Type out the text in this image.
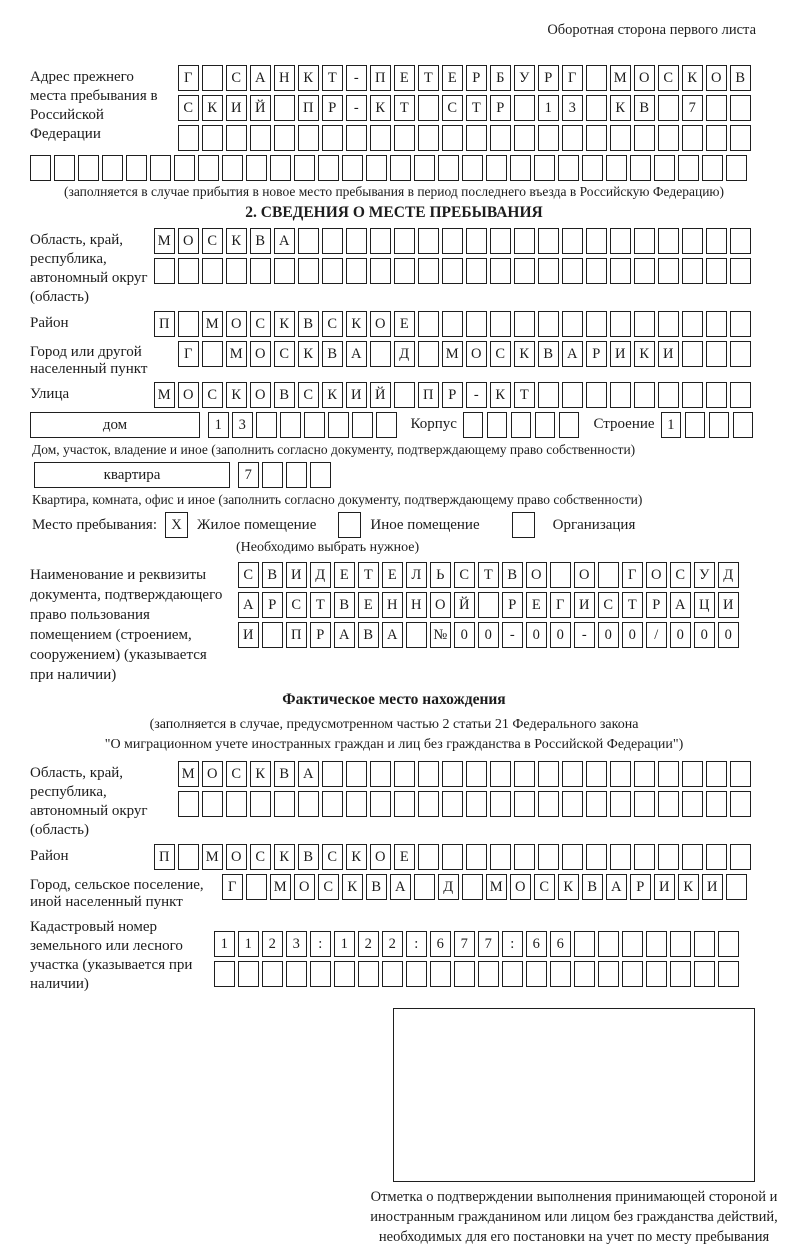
Оборотная сторона первого листа
Адрес прежнего места пребывания в Российской Федерации
Г	С А Н К	Т	-	П Е	Т	Е	Р	Б	У	Р	Г	М О С К О В
С К И Й	П	Р	-	К	Т	С	Т	Р	1	3	К В	7
(заполняется в случае прибытия в новое место пребывания в период последнего въезда в Российскую Федерацию)
2. СВЕДЕНИЯ О МЕСТЕ ПРЕБЫВАНИЯ
Область, край, республика, автономный округ (область)
М О С К В А
Район	П	М О С К В С К О Е
Город или другой населенный пункт
Г	М О С К В А	Д	М О С К В А	Р	И К И
Улица	М О С К О В С К И Й	П	Р	-	К	Т
дом	1	3	Корпус	Строение 1
Дом, участок, владение и иное (заполнить согласно документу, подтверждающему право собственности)
квартира	7
Квартира, комната, офис и иное (заполнить согласно документу, подтверждающему право собственности)
Место пребывания: X	Жилое помещение	Иное помещение	Организация
(Необходимо выбрать нужное)
Наименование и реквизиты документа, подтверждающего право пользования помещением (строением, сооружением) (указывается при наличии)
С В И Д	Е	Т	Е	Л	Ь	С	Т	В О	О	Г	О С У Д
А	Р	С	Т	В	Е Н Н О Й	Р	Е	Г	И С	Т	Р	А Ц И
И	П	Р	А В А	№ 0	0	-	0	0	-	0	0	/	0	0	0
Фактическое место нахождения
(заполняется в случае, предусмотренном частью 2 статьи 21 Федерального закона
"О миграционном учете иностранных граждан и лиц без гражданства в Российской Федерации")
Область, край, республика, автономный округ (область)
М О С К В А
Район	П	М О С К В С К О Е
Город, сельское поселение, иной населенный пункт
Г	М О С К В А	Д	М О С К В А	Р	И К И
Кадастровый номер земельного или лесного участка (указывается при наличии)
1	1	2	3	:	1	2	2	:	6	7	7	:	6	6
Отметка о подтверждении выполнения принимающей стороной и иностранным гражданином или лицом без гражданства действий, необходимых для его постановки на учет по месту пребывания
